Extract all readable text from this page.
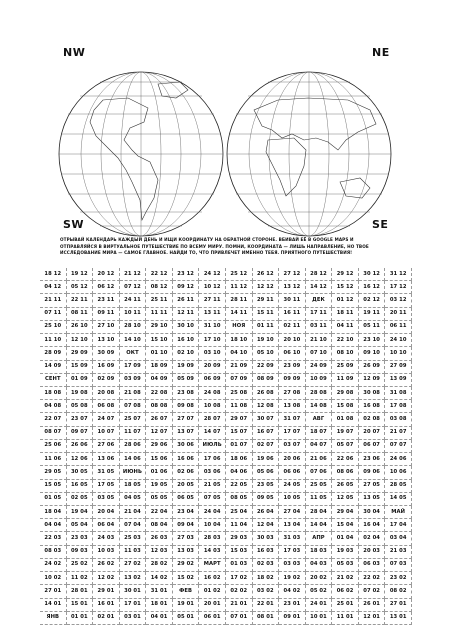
NW	NE
SW	SE
ОТРЫВАЙ КАЛЕНДАРЬ КАЖДЫЙ ДЕНЬ И ИЩИ КООРДИНАТУ НА ОБРАТНОЙ СТОРОНЕ. ВБИВАЙ ЕЁ В GOOGLE MAPS И ОТПРАВЛЯЙСЯ В ВИРТУАЛЬНОЕ ПУТЕШЕСТВИЕ ПО ВСЕМУ МИРУ. ПОМНИ, КООРДИНАТА — ЛИШЬ НАПРАВЛЕНИЕ, НО ТВОЕ ИССЛЕДОВАНИЕ МИРА — САМОЕ ГЛАВНОЕ. НАЙДИ ТО, ЧТО ПРИВЛЕЧЕТ ИМЕННО ТЕБЯ. ПРИЯТНОГО ПУТЕШЕСТВИЯ!
18 12	19 12	20 12	21 12	22 12	23 12	24 12	25 12	26 12	27 12	28 12	29 12	30 12	31 12
04 12	05 12	06 12	07 12	08 12	09 12	10 12	11 12	12 12	13 12	14 12	15 12	16 12	17 12
21 11	22 11	23 11	24 11	25 11	26 11	27 11	28 11	29 11	30 11	ДЕК	01 12	02 12	03 12
07 11	08 11	09 11	10 11	11 11	12 11	13 11	14 11	15 11	16 11	17 11	18 11	19 11	20 11
25 10	26 10	27 10	28 10	29 10	30 10	31 10	НОЯ	01 11	02 11	03 11	04 11	05 11	06 11
11 10	12 10	13 10	14 10	15 10	16 10	17 10	18 10	19 10	20 10	21 10	22 10	23 10	24 10
28 09	29 09	30 09	ОКТ	01 10	02 10	03 10	04 10	05 10	06 10	07 10	08 10	09 10	10 10
14 09	15 09	16 09	17 09	18 09	19 09	20 09	21 09	22 09	23 09	24 09	25 09	26 09	27 09
СЕНТ	01 09	02 09	03 09	04 09	05 09	06 09	07 09	08 09	09 09	10 09	11 09	12 09	13 09
18 08	19 08	20 08	21 08	22 08	23 08	24 08	25 08	26 08	27 08	28 08	29 08	30 08	31 08
04 08	05 08	06 08	07 08	08 08	09 08	10 08	11 08	12 08	13 08	14 08	15 08	16 08	17 08
22 07	23 07	24 07	25 07	26 07	27 07	28 07	29 07	30 07	31 07	АВГ	01 08	02 08	03 08
08 07	09 07	10 07	11 07	12 07	13 07	14 07	15 07	16 07	17 07	18 07	19 07	20 07	21 07
25 06	26 06	27 06	28 06	29 06	30 06	ИЮЛЬ	01 07	02 07	03 07	04 07	05 07	06 07	07 07
11 06	12 06	13 06	14 06	15 06	16 06	17 06	18 06	19 06	20 06	21 06	22 06	23 06	24 06
29 05	30 05	31 05	ИЮНЬ	01 06	02 06	03 06	04 06	05 06	06 06	07 06	08 06	09 06	10 06
15 05	16 05	17 05	18 05	19 05	20 05	21 05	22 05	23 05	24 05	25 05	26 05	27 05	28 05
01 05	02 05	03 05	04 05	05 05	06 05	07 05	08 05	09 05	10 05	11 05	12 05	13 05	14 05
18 04	19 04	20 04	21 04	22 04	23 04	24 04	25 04	26 04	27 04	28 04	29 04	30 04	МАЙ
04 04	05 04	06 04	07 04	08 04	09 04	10 04	11 04	12 04	13 04	14 04	15 04	16 04	17 04
22 03	23 03	24 03	25 03	26 03	27 03	28 03	29 03	30 03	31 03	АПР	01 04	02 04	03 04
08 03	09 03	10 03	11 03	12 03	13 03	14 03	15 03	16 03	17 03	18 03	19 03	20 03	21 03
24 02	25 02	26 02	27 02	28 02	29 02	МАРТ	01 03	02 03	03 03	04 03	05 03	06 03	07 03
10 02	11 02	12 02	13 02	14 02	15 02	16 02	17 02	18 02	19 02	20 02	21 02	22 02	23 02
27 01	28 01	29 01	30 01	31 01	ФЕВ	01 02	02 02	03 02	04 02	05 02	06 02	07 02	08 02
14 01	15 01	16 01	17 01	18 01	19 01	20 01	21 01	22 01	23 01	24 01	25 01	26 01	27 01
ЯНВ	01 01	02 01	03 01	04 01	05 01	06 01	07 01	08 01	09 01	10 01	11 01	12 01	13 01
